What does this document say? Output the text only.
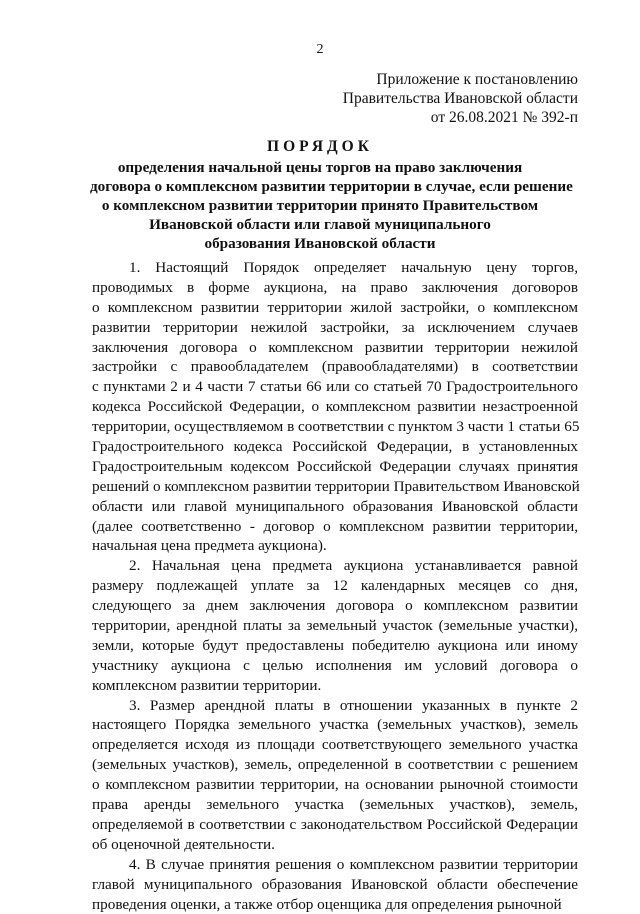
2
Приложение к постановлению
Правительства Ивановской области
от 26.08.2021 № 392-п
ПОРЯДОК
определения начальной цены торгов на право заключения
договора о комплексном развитии территории в случае, если решение
о комплексном развитии территории принято Правительством
Ивановской области или главой муниципального
образования Ивановской области
1. Настоящий Порядок определяет начальную цену торгов,
проводимых в форме аукциона, на право заключения договоров
о комплексном развитии территории жилой застройки, о комплексном
развитии территории нежилой застройки, за исключением случаев
заключения договора о комплексном развитии территории нежилой
застройки с правообладателем (правообладателями) в соответствии
с пунктами 2 и 4 части 7 статьи 66 или со статьей 70 Градостроительного
кодекса Российской Федерации, о комплексном развитии незастроенной
территории, осуществляемом в соответствии с пунктом 3 части 1 статьи 65
Градостроительного кодекса Российской Федерации, в установленных
Градостроительным кодексом Российской Федерации случаях принятия
решений о комплексном развитии территории Правительством Ивановской
области или главой муниципального образования Ивановской области
(далее соответственно - договор о комплексном развитии территории,
начальная цена предмета аукциона).
2. Начальная цена предмета аукциона устанавливается равной
размеру подлежащей уплате за 12 календарных месяцев со дня,
следующего за днем заключения договора о комплексном развитии
территории, арендной платы за земельный участок (земельные участки),
земли, которые будут предоставлены победителю аукциона или иному
участнику аукциона с целью исполнения им условий договора о
комплексном развитии территории.
3. Размер арендной платы в отношении указанных в пункте 2
настоящего Порядка земельного участка (земельных участков), земель
определяется исходя из площади соответствующего земельного участка
(земельных участков), земель, определенной в соответствии с решением
о комплексном развитии территории, на основании рыночной стоимости
права аренды земельного участка (земельных участков), земель,
определяемой в соответствии с законодательством Российской Федерации
об оценочной деятельности.
4. В случае принятия решения о комплексном развитии территории
главой муниципального образования Ивановской области обеспечение
проведения оценки, а также отбор оценщика для определения рыночной
